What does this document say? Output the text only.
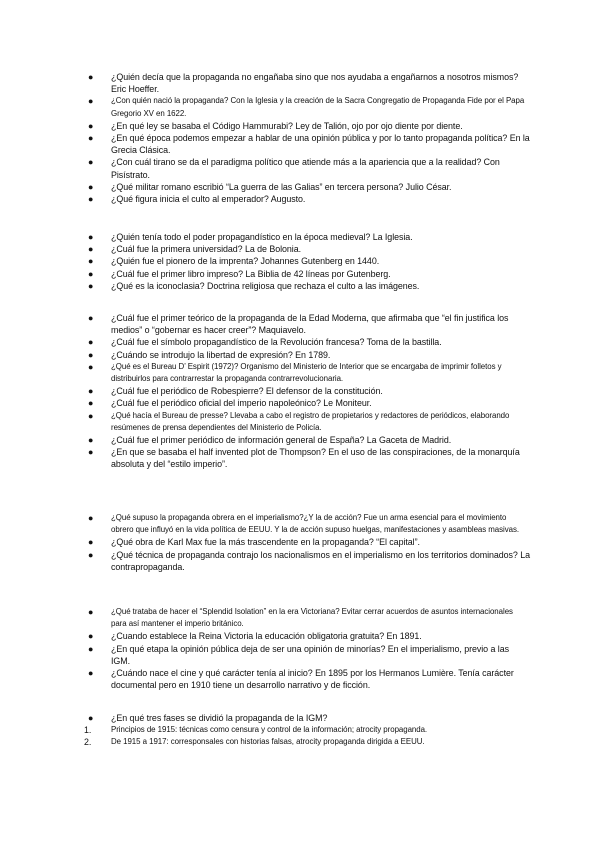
● ¿Quién decía que la propaganda no engañaba sino que nos ayudaba a engañarnos a nosotros mismos? Eric Hoeffer.
● ¿Con quién nació la propaganda? Con la Iglesia y la creación de la Sacra Congregatio de Propaganda Fide por el Papa Gregorio XV en 1622.
● ¿En qué ley se basaba el Código Hammurabi? Ley de Talión, ojo por ojo diente por diente.
● ¿En qué época podemos empezar a hablar de una opinión pública y por lo tanto propaganda política? En la Grecia Clásica.
● ¿Con cuál tirano se da el paradigma político que atiende más a la apariencia que a la realidad? Con Pisístrato.
● ¿Qué militar romano escribió “La guerra de las Galias” en tercera persona? Julio César.
● ¿Qué figura inicia el culto al emperador? Augusto.
● ¿Quién tenía todo el poder propagandístico en la época medieval? La Iglesia.
● ¿Cuál fue la primera universidad? La de Bolonia.
● ¿Quién fue el pionero de la imprenta? Johannes Gutenberg en 1440.
● ¿Cuál fue el primer libro impreso? La Biblia de 42 líneas por Gutenberg.
● ¿Qué es la iconoclasia? Doctrina religiosa que rechaza el culto a las imágenes.
● ¿Cuál fue el primer teórico de la propaganda de la Edad Moderna, que afirmaba que “el fin justifica los medios” o “gobernar es hacer creer”? Maquiavelo.
● ¿Cuál fue el símbolo propagandístico de la Revolución francesa? Toma de la bastilla.
● ¿Cuándo se introdujo la libertad de expresión? En 1789.
● ¿Qué es el Bureau D’ Espirit (1972)? Organismo del Ministerio de Interior que se encargaba de imprimir folletos y distribuirlos para contrarrestar la propaganda contrarrevolucionaria.
● ¿Cuál fue el periódico de Robespierre? El defensor de la constitución.
● ¿Cuál fue el periódico oficial del imperio napoleónico? Le Moniteur.
● ¿Qué hacía el Bureau de presse? Llevaba a cabo el registro de propietarios y redactores de periódicos, elaborando resúmenes de prensa dependientes del Ministerio de Policía.
● ¿Cuál fue el primer periódico de información general de España? La Gaceta de Madrid.
● ¿En que se basaba el half invented plot de Thompson? En el uso de las conspiraciones, de la monarquía absoluta y del “estilo imperio”.
● ¿Qué supuso la propaganda obrera en el imperialismo?¿Y la de acción? Fue un arma esencial para el movimiento obrero que influyó en la vida política de EEUU. Y la de acción supuso huelgas, manifestaciones y asambleas masivas.
● ¿Qué obra de Karl Max fue la más trascendente en la propaganda? “El capital”.
● ¿Qué técnica de propaganda contrajo los nacionalismos en el imperialismo en los territorios dominados? La contrapropaganda.
● ¿Qué trataba de hacer el “Splendid Isolation” en la era Victoriana? Evitar cerrar acuerdos de asuntos internacionales para así mantener el imperio británico.
● ¿Cuando establece la Reina Victoria la educación obligatoria gratuita? En 1891.
● ¿En qué etapa la opinión pública deja de ser una opinión de minorías? En el imperialismo, previo a las IGM.
● ¿Cuándo nace el cine y qué carácter tenía al inicio? En 1895 por los Hermanos Lumière. Tenía carácter documental pero en 1910 tiene un desarrollo narrativo y de ficción.
● ¿En qué tres fases se dividió la propaganda de la IGM?
1. Principios de 1915: técnicas como censura y control de la información; atrocity propaganda.
2. De 1915 a 1917: corresponsales con historias falsas, atrocity propaganda dirigida a EEUU.
